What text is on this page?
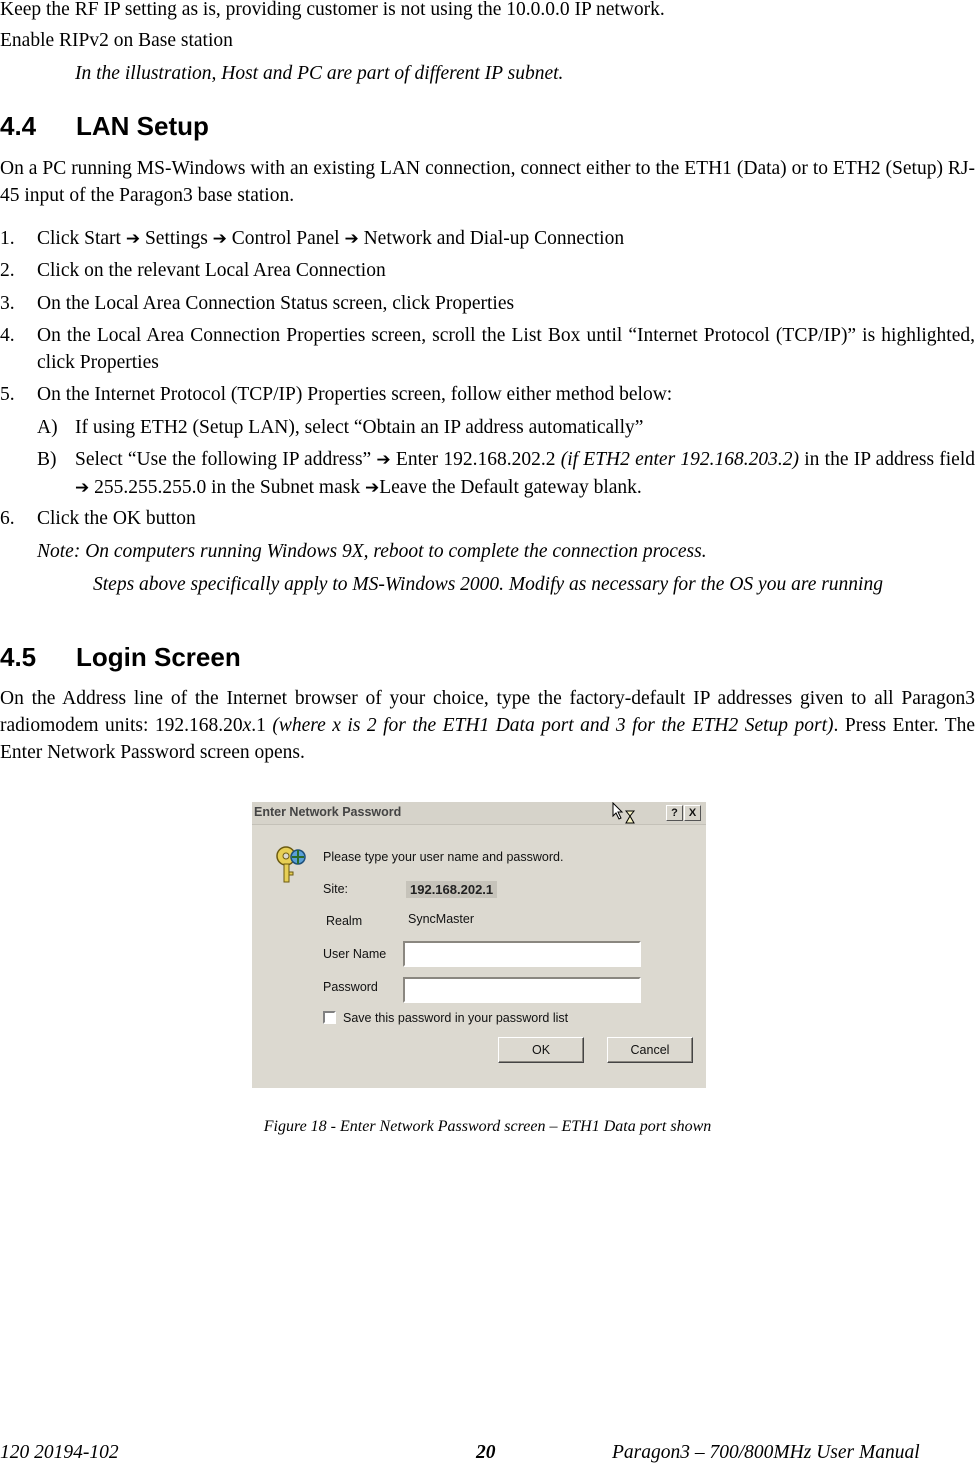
Keep the RF IP setting as is, providing customer is not using the 10.0.0.0 IP network.

Enable RIPv2 on Base station

In the illustration, Host and PC are part of different IP subnet.

4.4 LAN Setup

On a PC running MS-Windows with an existing LAN connection, connect either to the ETH1 (Data) or to ETH2 (Setup) RJ-45 input of the Paragon3 base station.

1. Click Start ➔ Settings ➔ Control Panel ➔ Network and Dial-up Connection
2. Click on the relevant Local Area Connection
3. On the Local Area Connection Status screen, click Properties
4. On the Local Area Connection Properties screen, scroll the List Box until “Internet Protocol (TCP/IP)” is highlighted, click Properties
5. On the Internet Protocol (TCP/IP) Properties screen, follow either method below:
A) If using ETH2 (Setup LAN), select “Obtain an IP address automatically”
B) Select “Use the following IP address” ➔ Enter 192.168.202.2 (if ETH2 enter 192.168.203.2) in the IP address field ➔ 255.255.255.0 in the Subnet mask ➔Leave the Default gateway blank.
6. Click the OK button

Note: On computers running Windows 9X, reboot to complete the connection process.

Steps above specifically apply to MS-Windows 2000. Modify as necessary for the OS you are running

4.5 Login Screen

On the Address line of the Internet browser of your choice, type the factory-default IP addresses given to all Paragon3 radiomodem units: 192.168.20x.1 (where x is 2 for the ETH1 Data port and 3 for the ETH2 Setup port). Press Enter. The Enter Network Password screen opens.

Enter Network Password	? X
Please type your user name and password.
Site:	192.168.202.1
Realm	SyncMaster
User Name
Password
Save this password in your password list
OK	Cancel
Figure 18 - Enter Network Password screen – ETH1 Data port shown
120 20194-102	20	Paragon3 – 700/800MHz User Manual
